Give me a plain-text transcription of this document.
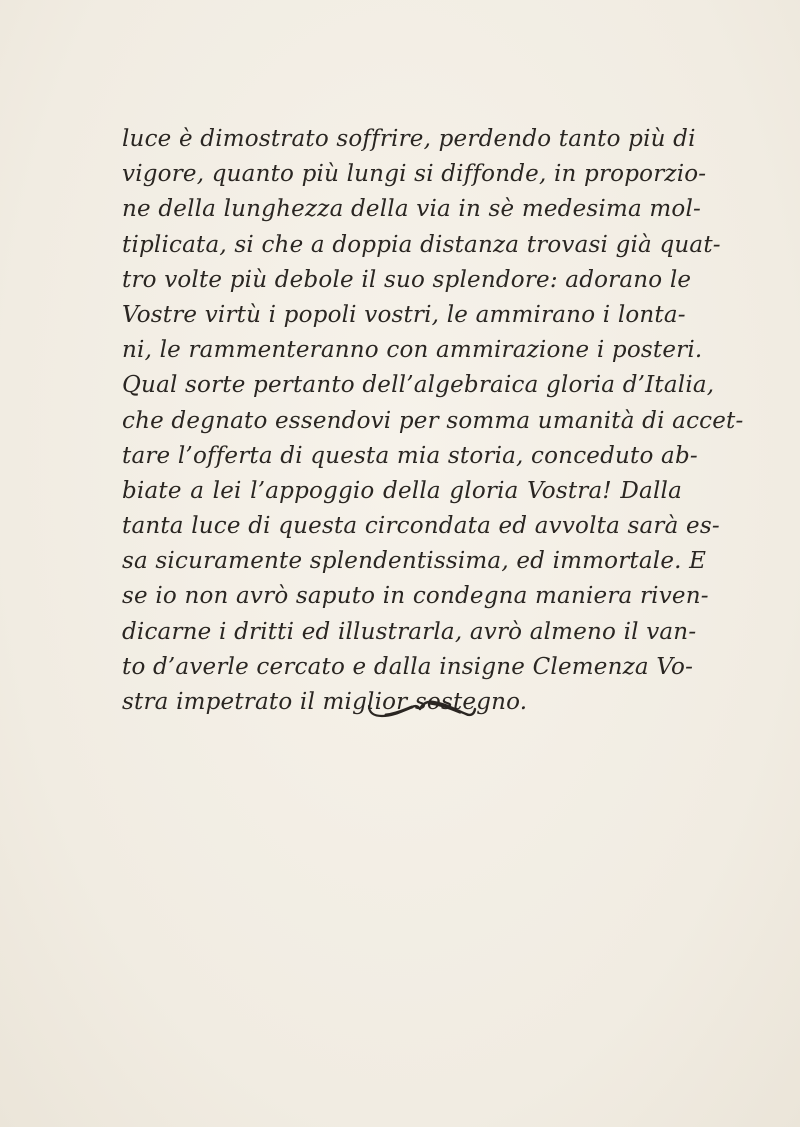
luce è dimostrato soffrire, perdendo tanto più di
vigore, quanto più lungi si diffonde, in proporzio-
ne della lunghezza della via in sè medesima mol-
tiplicata, si che a doppia distanza trovasi già quat-
tro volte più debole il suo splendore: adorano le
Vostre virtù i popoli vostri, le ammirano i lonta-
ni, le rammenteranno con ammirazione i posteri.
Qual sorte pertanto dell’algebraica gloria d’Italia,
che degnato essendovi per somma umanità di accet-
tare l’offerta di questa mia storia, conceduto ab-
biate a lei l’appoggio della gloria Vostra! Dalla
tanta luce di questa circondata ed avvolta sarà es-
sa sicuramente splendentissima, ed immortale. E
se io non avrò saputo in condegna maniera riven-
dicarne i dritti ed illustrarla, avrò almeno il van-
to d’averle cercato e dalla insigne Clemenza Vo-
stra impetrato il miglior sostegno.
